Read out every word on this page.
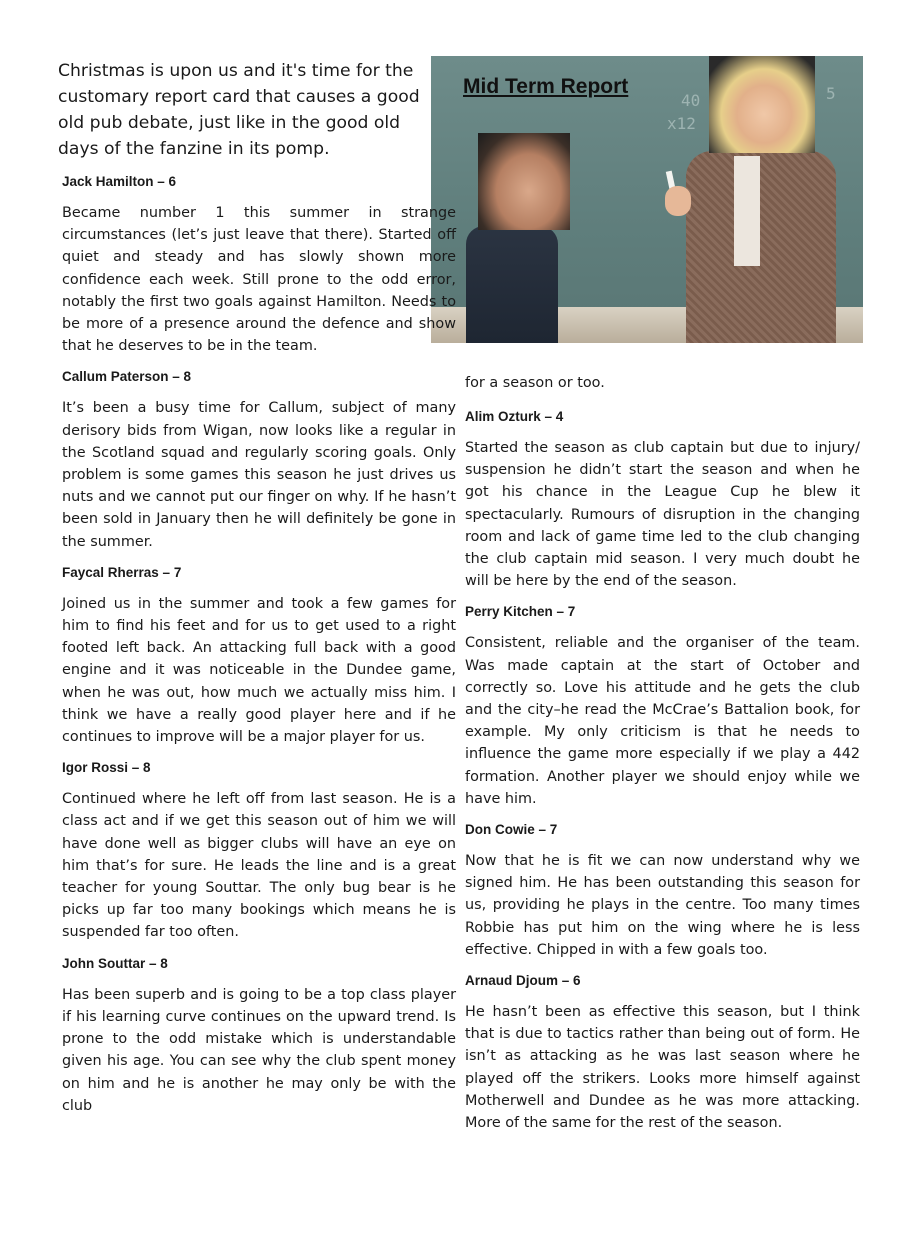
Christmas is upon us and it's time for the customary report card that causes a good old pub debate, just like in the good old days of the fanzine in its pomp.

40
x12
5
Mid Term Report

Jack Hamilton – 6

Became number 1 this summer in strange circumstances (let’s just leave that there). Started off quiet and steady and has slowly shown more confidence each week. Still prone to the odd error, notably the first two goals against Hamilton. Needs to be more of a presence around the defence and show that he deserves to be in the team.

Callum Paterson – 8

It’s been a busy time for Callum, subject of many derisory bids from Wigan, now looks like a regular in the Scotland squad and regularly scoring goals. Only problem is some games this season he just drives us nuts and we cannot put our finger on why. If he hasn’t been sold in January then he will definitely be gone in the summer.

Faycal Rherras – 7

Joined us in the summer and took a few games for him to find his feet and for us to get used to a right footed left back. An attacking full back with a good engine and it was noticeable in the Dundee game, when he was out, how much we actually miss him. I think we have a really good player here and if he continues to improve will be a major player for us.

Igor Rossi – 8

Continued where he left off from last season. He is a class act and if we get this season out of him we will have done well as bigger clubs will have an eye on him that’s for sure. He leads the line and is a great teacher for young Souttar. The only bug bear is he picks up far too many bookings which means he is suspended far too often.

John Souttar – 8

Has been superb and is going to be a top class player if his learning curve continues on the upward trend. Is prone to the odd mistake which is understandable given his age. You can see why the club spent money on him and he is another he may only be with the club

for a season or too.

Alim Ozturk – 4

Started the season as club captain but due to injury/ suspension he didn’t start the season and when he got his chance in the League Cup he blew it spectacularly. Rumours of disruption in the changing room and lack of game time led to the club changing the club captain mid season. I very much doubt he will be here by the end of the season.

Perry Kitchen – 7

Consistent, reliable and the organiser of the team. Was made captain at the start of October and correctly so. Love his attitude and he gets the club and the city–he read the McCrae’s Battalion book, for example. My only criticism is that he needs to influence the game more especially if we play a 442 formation. Another player we should enjoy while we have him.

Don Cowie – 7

Now that he is fit we can now understand why we signed him. He has been outstanding this season for us, providing he plays in the centre. Too many times Robbie has put him on the wing where he is less effective. Chipped in with a few goals too.

Arnaud Djoum – 6

He hasn’t been as effective this season, but I think that is due to tactics rather than being out of form. He isn’t as attacking as he was last season where he played off the strikers. Looks more himself against Motherwell and Dundee as he was more attacking. More of the same for the rest of the season.
